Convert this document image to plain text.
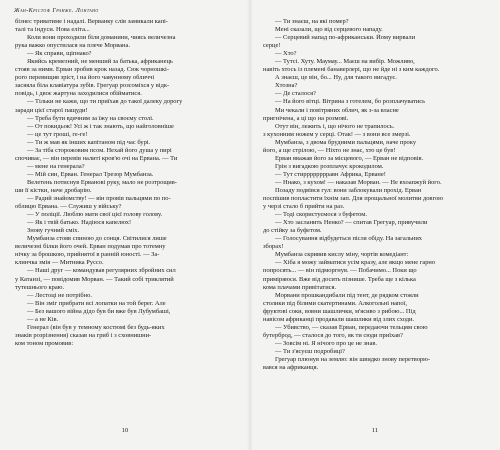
Жан-Крістоф Гранже. Лонтано
бізнес триватиме і надалі. Верванку слів замикали капі-
талі та індуси. Нова еліта...
Коли вони проходили біля доманини, чиясь величезна
рука важко опустилася на плече Морвана.
— Як справи, щіпнако?
Якийсь кремезний, не менший за батька, африканець
стояв за ними. Ерван зробив крок назад. Сюк чорношкі-
рого перевищив зріст, і на його чавунному обличчі
засяяла біла клавіатура зубів. Грегуар розсоміхся у відк-
повідь, і двоє жартуна заходилися обійматися.
— Тільки не кажи, що ти приїхав до такої далеку дорогу
заради цієї старої пащуди!
— Треба бути вдячним за їжу на своєму столі.
— От покидьок! Усі ж і так знають, що найголовніше
— це тут гроші, ге-ге!
— Ти ж мав як інших капітаном під час бурі.
— За тіба сторожовим псом. Нехай його душа у пирі
спочиває, — він перевів налиті кров'ю очі на Ервана. — Ти
— мене на генерала?
— Мій син, Ерван. Генерал Трезор Мумбанза.
Велетень потиснув Ерванові руку, мало не розтрощив-
ши її кістки, наче дробарію.
— Радий знайомству! — він провів пальцями по по-
облицю Ервана. — Служиш у війську?
— У поліції. Люблю мати свої цієї голову голову.
— Як і твій батько. Надіюся капелюх!
Знову гучний сміх.
Мумбанза стояв спиною до сонця. Світилися лише
величезні білки його очей. Ерван подумав про тотемну
нічку за брошкою, прийнятої в ранній юності. — За-
клинчка змія — Митника Руссо.
— Наші друг — командував регулярних збройних сил
у Катанзі, — повідомив Морван. — Такий собі триклятий
тутешнього краю.
— Лестоці не потрібно.
— Він зміг прибрати всі лопатки на той берег. Але
— Без вашого війна дідо був би вже був Лубумбаші,
— а не Ків.
Генерал (він був у темному костюмі без будь-яких
знаків розрізнення) сказав на гриб і з сховнишни-
ком тоном промовив:
10
— Ти знаєш, на які помер?
Мені сказали, що від серцевого нападу.
— Серцевий напад по-африканськи. Йому вирвали
серце!
— Хто?
— Тутсі. Хуту. Маумау... Маєш на вибір. Можливо,
навіть хтось із племені банаверлері, що не йде ні з ким каждого.
А знаєш, це він, бо... Ну, для такого вигадує.
Хтозна?
— Де сталося?
— На його вітці. Вітрина з готелем, бо розплачуватись
Ми чекали і повітряних облич, як з-за власне
пригнічена, а ці що на розмові.
Отут він, лежить і, що нічого не трапилось.
з кухонним ножем у серці. Отак! — з вони все змерзі.
Мумбанза, з двома брудними пальцями, наче проку
його, а ще стрілою, — Ніхто не знає, хто це був!
Ерван вважав його за місцевого, — Ерван не відповів.
Грін з вигадкою розплачує крокодилом.
— Тут стирррррррравн Африка, Ерване!
— Ннако, з кухом! — наказав Морван. — Не вхоапжуй його.
Позаду подвівся гул: вони заблокували прохід. Ерван
поспішив попластити їхнім зап. Для прощальної молитви довгою
у черзі стало б прийти на раз.
— Тоді скористуємося з буфетом.
— Хто засланить Ненко? — спитав Грегуар, привучили
до стійку за буфетом.
— Голосування відбудеться після обіду. На загальних
зборах!
Мумбанза скривив кислу міну, чортів комедіант:
— Хіба я можу займатися усім кразу, але якщо мене гарно
попросять... — він підморгнув. — Побачимо... Поки що
приміряюся. Вже від досить пізнише. Треба ще з кілька
кома плачами привітатися.
Морвани прошкандибали під тент, де рядком стояли
столики під білими скатертинами. Алкогольні напої,
фруктові соки, вовни шашлички, м'ясиво з рибою... Під
навісом африканці продавали шашлики від злих сходи.
— Убивство, — сказав Ерван, передаючи тельцям свою
бутерброд, — сталося до того, як ти сюди приїхав?
— Зовсім ні. Я нічого про це не знав.
— Ти з'ясуєш подробиці?
Грегуар плюнув на землю: він швидко знову перетворю-
вався на африканця.
11
